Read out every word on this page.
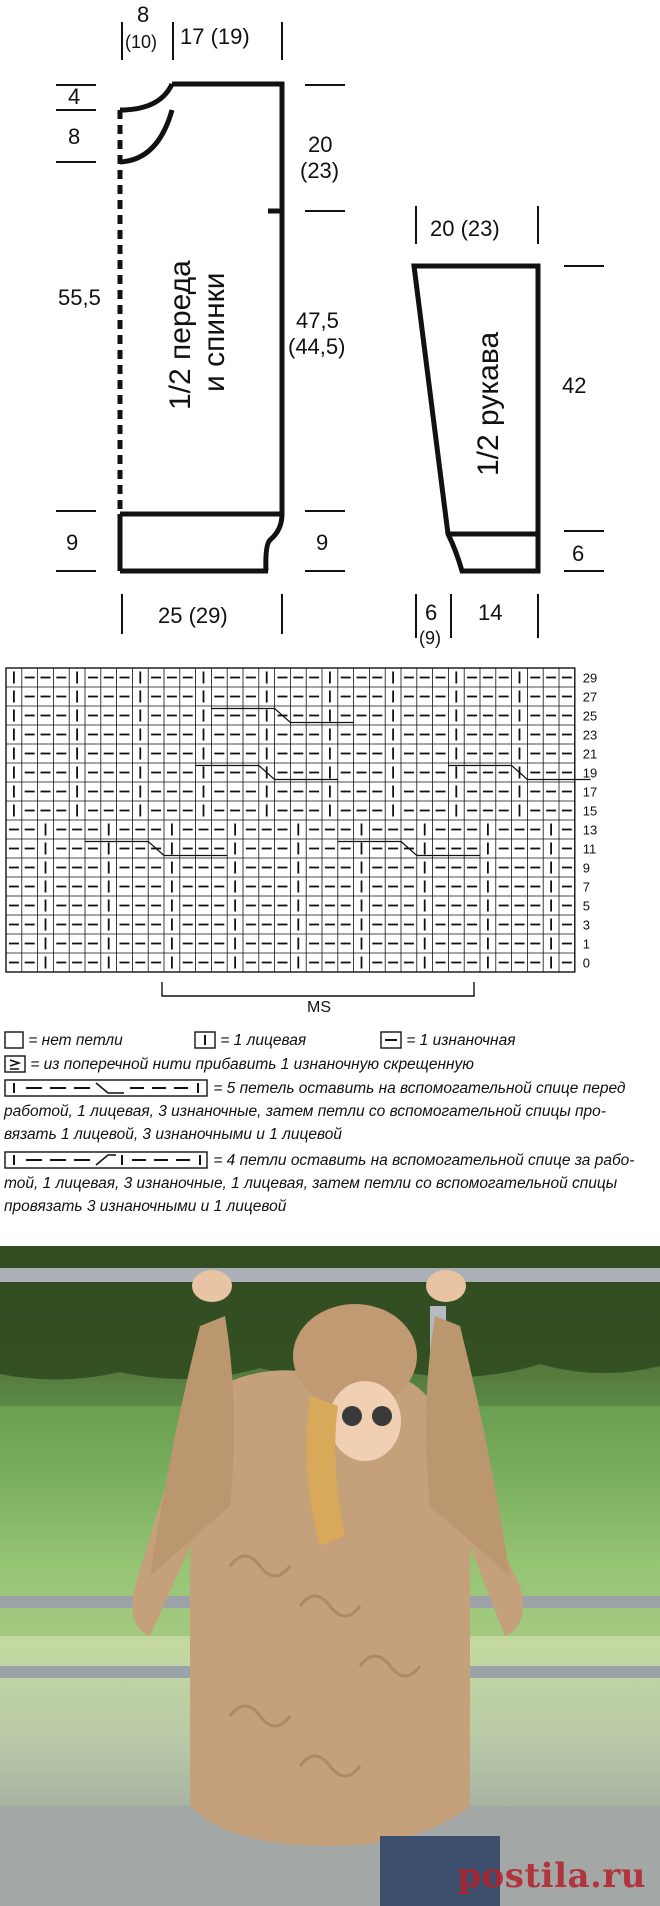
8
(10) 17 (19)
4
8
55,5
9
20
(23)
47,5
(44,5)
9
25 (29)
1/2 переда и спинки
20 (23)
42
6
6
(9)
14
1/2 рукава
29
27
25
23
21
19
17
15
13
11
9
7
5
3
1
0
MS
= нет петли	= 1 лицевая	= 1 изнаночная
= из поперечной нити прибавить 1 изнаночную скрещенную
= 5 петель оставить на вспомогательной спице перед
работой, 1 лицевая, 3 изнаночные, затем петли со вспомогательной спицы про-
вязать 1 лицевой, 3 изнаночными и 1 лицевой
= 4 петли оставить на вспомогательной спице за рабо-
той, 1 лицевая, 3 изнаночные, 1 лицевая, затем петли со вспомогательной спицы
провязать 3 изнаночными и 1 лицевой
postila.ru
